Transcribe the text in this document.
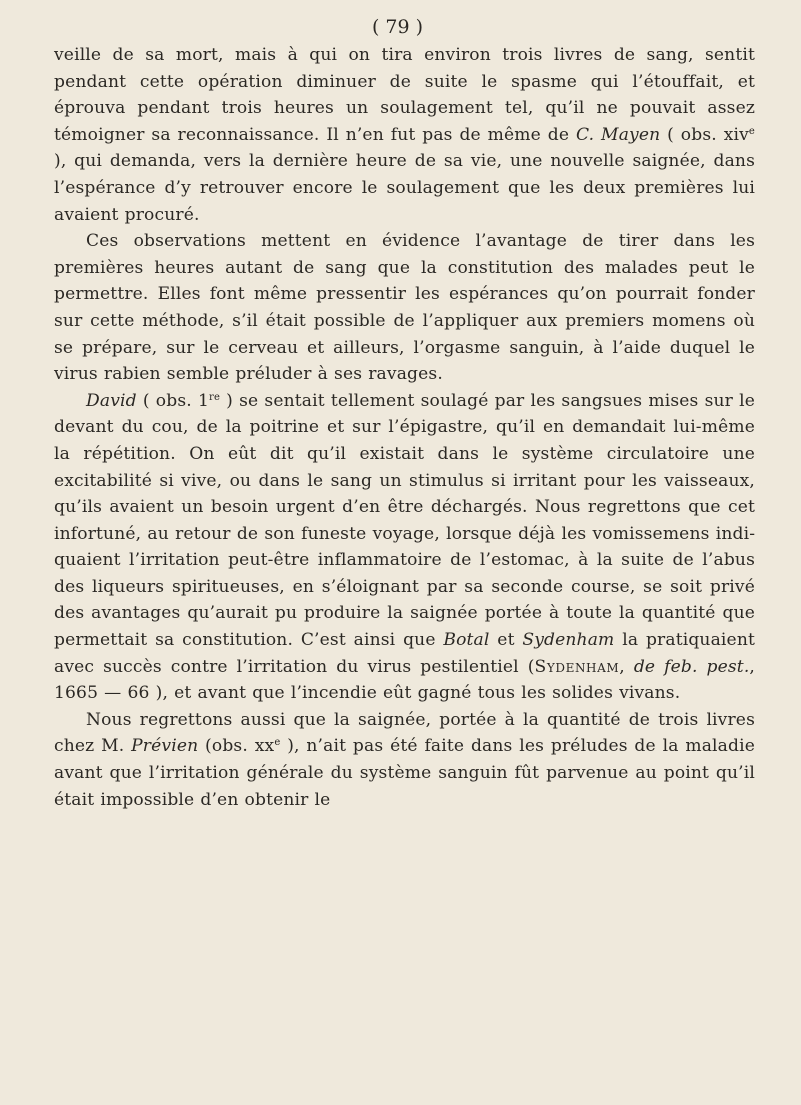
( 79 )

veille de sa mort, mais à qui on tira environ trois livres de sang, sentit pendant cette opération diminuer de suite le spasme qui l’étouffait, et éprouva pendant trois heures un soulagement tel, qu’il ne pouvait assez témoigner sa reconnaissance. Il n’en fut pas de même de C. Mayen ( obs. xiv$^e$ ), qui demanda, vers la dernière heure de sa vie, une nouvelle saignée, dans l’espérance d’y retrouver encore le soulagement que les deux premières lui avaient procuré.

Ces observations mettent en évidence l’avantage de tirer dans les premières heures autant de sang que la constitution des malades peut le permettre. Elles font même pressentir les espérances qu’on pourrait fonder sur cette méthode, s’il était possible de l’appliquer aux premiers momens où se prépare, sur le cerveau et ailleurs, l’orgasme sanguin, à l’aide duquel le virus rabien semble préluder à ses ravages.

David ( obs. 1re ) se sentait tellement soulagé par les sangsues mises sur le devant du cou, de la poitrine et sur l’épigastre, qu’il en demandait lui-même la répétition. On eût dit qu’il existait dans le système circulatoire une excitabilité si vive, ou dans le sang un stimulus si irritant pour les vaisseaux, qu’ils avaient un besoin urgent d’en être déchargés. Nous regrettons que cet infortuné, au retour de son funeste voyage, lorsque déjà les vomissemens indiquaient l’irritation peut-être inflammatoire de l’estomac, à la suite de l’abus des liqueurs spiritueuses, en s’éloignant par sa seconde course, se soit privé des avantages qu’aurait pu produire la saignée portée à toute la quantité que permettait sa constitution. C’est ainsi que Botal et Sydenham la pratiquaient avec succès contre l’irritation du virus pestilentiel (Sydenham, de feb. pest., 1665 — 66 ), et avant que l’incendie eût gagné tous les solides vivans.

Nous regrettons aussi que la saignée, portée à la quantité de trois livres chez M. Prévien (obs. $xx^e$ ), n’ait pas été faite dans les préludes de la maladie avant que l’irritation générale du système sanguin fût parvenue au point qu’il était impossible d’en obtenir le
